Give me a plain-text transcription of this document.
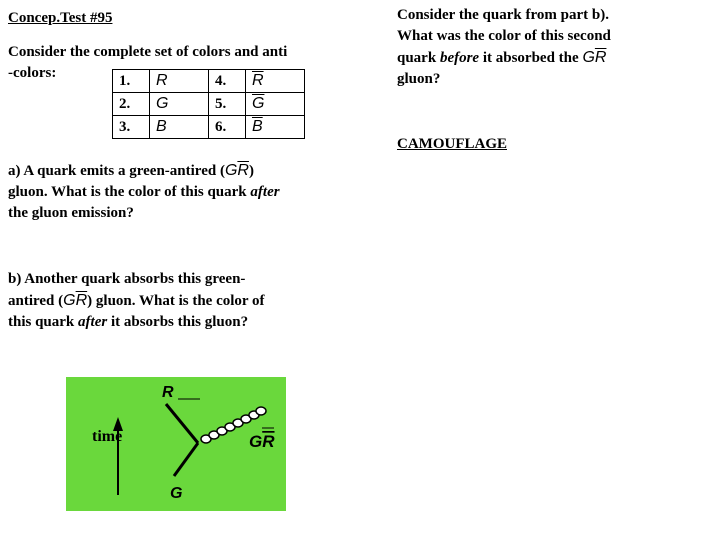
Concep.Test #95
Consider the complete set of colors and anti
-colors:	1.	R	4.	$\overline{R}$
2.	G	5.	$\overline{G}$
3.	B	6.	$\overline{B}$
a) A quark emits a green-antired $(G\overline{R})$
gluon. What is the color of this quark after
the gluon emission?
b) Another quark absorbs this green-
antired $(G\overline{R})$ gluon. What is the color of
this quark after it absorbs this gluon?
Consider the quark from part b).
What was the color of this second
quark before it absorbed the $G\overline{R}$
gluon?
CAMOUFLAGE
time
R
G
GR
